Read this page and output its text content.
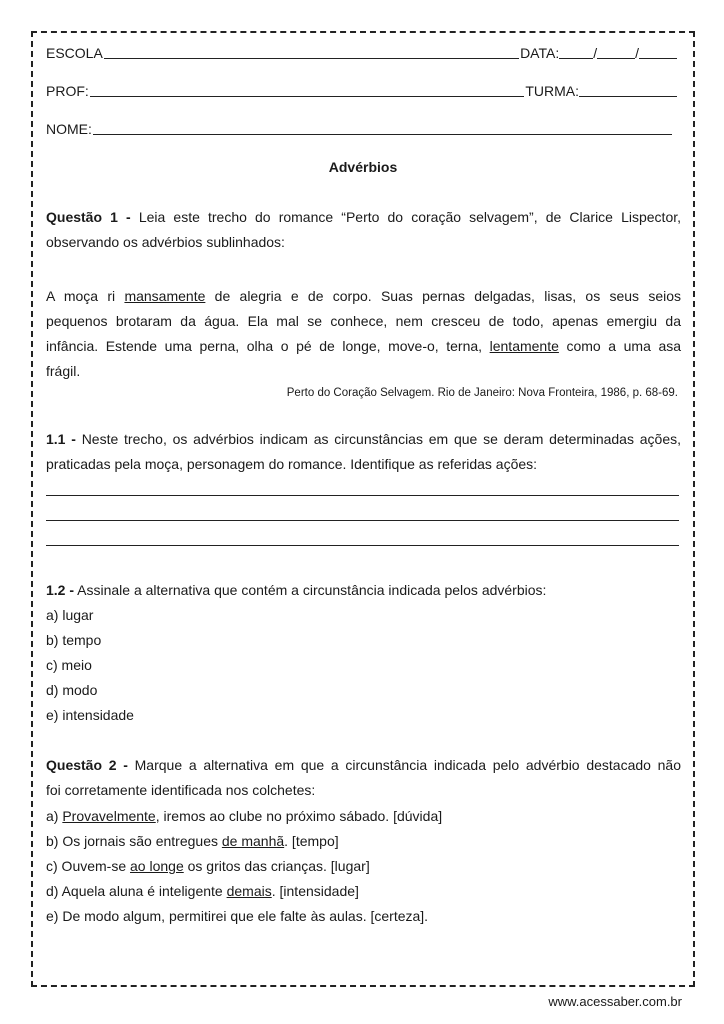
ESCOLA	DATA: /	/
PROF:	TURMA:
NOME:
Advérbios
Questão 1 - Leia este trecho do romance “Perto do coração selvagem”, de Clarice Lispector,
observando os advérbios sublinhados:
A moça ri mansamente de alegria e de corpo. Suas pernas delgadas, lisas, os seus seios
pequenos brotaram da água. Ela mal se conhece, nem cresceu de todo, apenas emergiu da
infância. Estende uma perna, olha o pé de longe, move-o, terna, lentamente como a uma asa
frágil.
Perto do Coração Selvagem. Rio de Janeiro: Nova Fronteira, 1986, p. 68-69.
1.1 - Neste trecho, os advérbios indicam as circunstâncias em que se deram determinadas ações,
praticadas pela moça, personagem do romance. Identifique as referidas ações:
1.2 - Assinale a alternativa que contém a circunstância indicada pelos advérbios:
a) lugar
b) tempo
c) meio
d) modo
e) intensidade
Questão 2 - Marque a alternativa em que a circunstância indicada pelo advérbio destacado não
foi corretamente identificada nos colchetes:
a) Provavelmente, iremos ao clube no próximo sábado. [dúvida]
b) Os jornais são entregues de manhã. [tempo]
c) Ouvem-se ao longe os gritos das crianças. [lugar]
d) Aquela aluna é inteligente demais. [intensidade]
e) De modo algum, permitirei que ele falte às aulas. [certeza].
www.acessaber.com.br
